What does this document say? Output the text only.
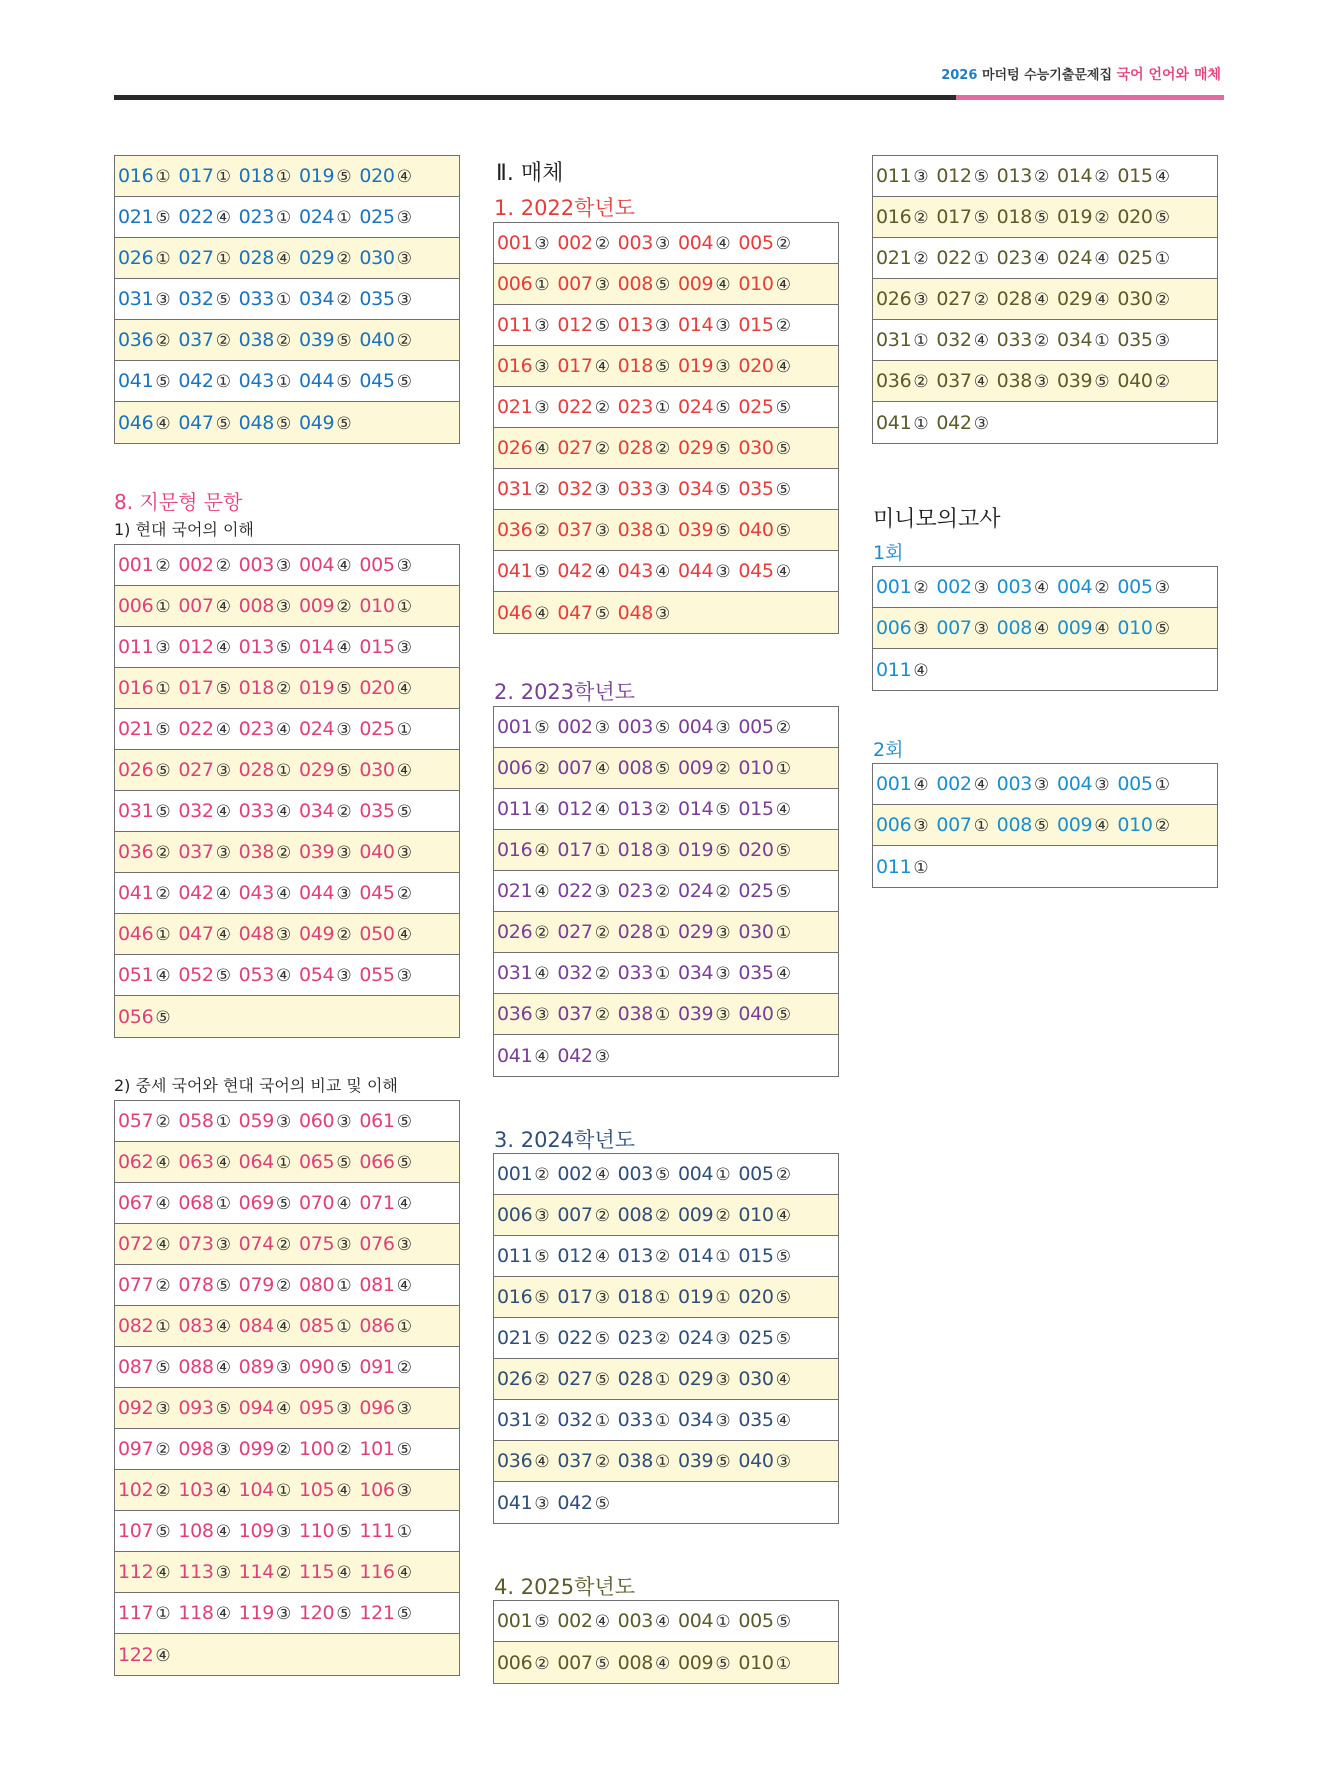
2026 마더텅 수능기출문제집 국어 언어와 매체
016 ① 017 ① 018 ① 019 ⑤ 020 ④
021 ⑤ 022 ④ 023 ① 024 ① 025 ③
026 ① 027 ① 028 ④ 029 ② 030 ③
031 ③ 032 ⑤ 033 ① 034 ② 035 ③
036 ② 037 ② 038 ② 039 ⑤ 040 ②
041 ⑤ 042 ① 043 ① 044 ⑤ 045 ⑤
046 ④ 047 ⑤ 048 ⑤ 049 ⑤
8. 지문형 문항
1) 현대 국어의 이해
001 ② 002 ② 003 ③ 004 ④ 005 ③
006 ① 007 ④ 008 ③ 009 ② 010 ①
011 ③ 012 ④ 013 ⑤ 014 ④ 015 ③
016 ① 017 ⑤ 018 ② 019 ⑤ 020 ④
021 ⑤ 022 ④ 023 ④ 024 ③ 025 ①
026 ⑤ 027 ③ 028 ① 029 ⑤ 030 ④
031 ⑤ 032 ④ 033 ④ 034 ② 035 ⑤
036 ② 037 ③ 038 ② 039 ③ 040 ③
041 ② 042 ④ 043 ④ 044 ③ 045 ②
046 ① 047 ④ 048 ③ 049 ② 050 ④
051 ④ 052 ⑤ 053 ④ 054 ③ 055 ③
056 ⑤
2) 중세 국어와 현대 국어의 비교 및 이해
057 ② 058 ① 059 ③ 060 ③ 061 ⑤
062 ④ 063 ④ 064 ① 065 ⑤ 066 ⑤
067 ④ 068 ① 069 ⑤ 070 ④ 071 ④
072 ④ 073 ③ 074 ② 075 ③ 076 ③
077 ② 078 ⑤ 079 ② 080 ① 081 ④
082 ① 083 ④ 084 ④ 085 ① 086 ①
087 ⑤ 088 ④ 089 ③ 090 ⑤ 091 ②
092 ③ 093 ⑤ 094 ④ 095 ③ 096 ③
097 ② 098 ③ 099 ② 100 ② 101 ⑤
102 ② 103 ④ 104 ① 105 ④ 106 ③
107 ⑤ 108 ④ 109 ③ 110 ⑤ 111 ①
112 ④ 113 ③ 114 ② 115 ④ 116 ④
117 ① 118 ④ 119 ③ 120 ⑤ 121 ⑤
122 ④
Ⅱ. 매체
1. 2022학년도
001 ③ 002 ② 003 ③ 004 ④ 005 ②
006 ① 007 ③ 008 ⑤ 009 ④ 010 ④
011 ③ 012 ⑤ 013 ③ 014 ③ 015 ②
016 ③ 017 ④ 018 ⑤ 019 ③ 020 ④
021 ③ 022 ② 023 ① 024 ⑤ 025 ⑤
026 ④ 027 ② 028 ② 029 ⑤ 030 ⑤
031 ② 032 ③ 033 ③ 034 ⑤ 035 ⑤
036 ② 037 ③ 038 ① 039 ⑤ 040 ⑤
041 ⑤ 042 ④ 043 ④ 044 ③ 045 ④
046 ④ 047 ⑤ 048 ③
2. 2023학년도
001 ⑤ 002 ③ 003 ⑤ 004 ③ 005 ②
006 ② 007 ④ 008 ⑤ 009 ② 010 ①
011 ④ 012 ④ 013 ② 014 ⑤ 015 ④
016 ④ 017 ① 018 ③ 019 ⑤ 020 ⑤
021 ④ 022 ③ 023 ② 024 ② 025 ⑤
026 ② 027 ② 028 ① 029 ③ 030 ①
031 ④ 032 ② 033 ① 034 ③ 035 ④
036 ③ 037 ② 038 ① 039 ③ 040 ⑤
041 ④ 042 ③
3. 2024학년도
001 ② 002 ④ 003 ⑤ 004 ① 005 ②
006 ③ 007 ② 008 ② 009 ② 010 ④
011 ⑤ 012 ④ 013 ② 014 ① 015 ⑤
016 ⑤ 017 ③ 018 ① 019 ① 020 ⑤
021 ⑤ 022 ⑤ 023 ② 024 ③ 025 ⑤
026 ② 027 ⑤ 028 ① 029 ③ 030 ④
031 ② 032 ① 033 ① 034 ③ 035 ④
036 ④ 037 ② 038 ① 039 ⑤ 040 ③
041 ③ 042 ⑤
4. 2025학년도
001 ⑤ 002 ④ 003 ④ 004 ① 005 ⑤
006 ② 007 ⑤ 008 ④ 009 ⑤ 010 ①
011 ③ 012 ⑤ 013 ② 014 ② 015 ④
016 ② 017 ⑤ 018 ⑤ 019 ② 020 ⑤
021 ② 022 ① 023 ④ 024 ④ 025 ①
026 ③ 027 ② 028 ④ 029 ④ 030 ②
031 ① 032 ④ 033 ② 034 ① 035 ③
036 ② 037 ④ 038 ③ 039 ⑤ 040 ②
041 ① 042 ③
미니모의고사
1회
001 ② 002 ③ 003 ④ 004 ② 005 ③
006 ③ 007 ③ 008 ④ 009 ④ 010 ⑤
011 ④
2회
001 ④ 002 ④ 003 ③ 004 ③ 005 ①
006 ③ 007 ① 008 ⑤ 009 ④ 010 ②
011 ①
